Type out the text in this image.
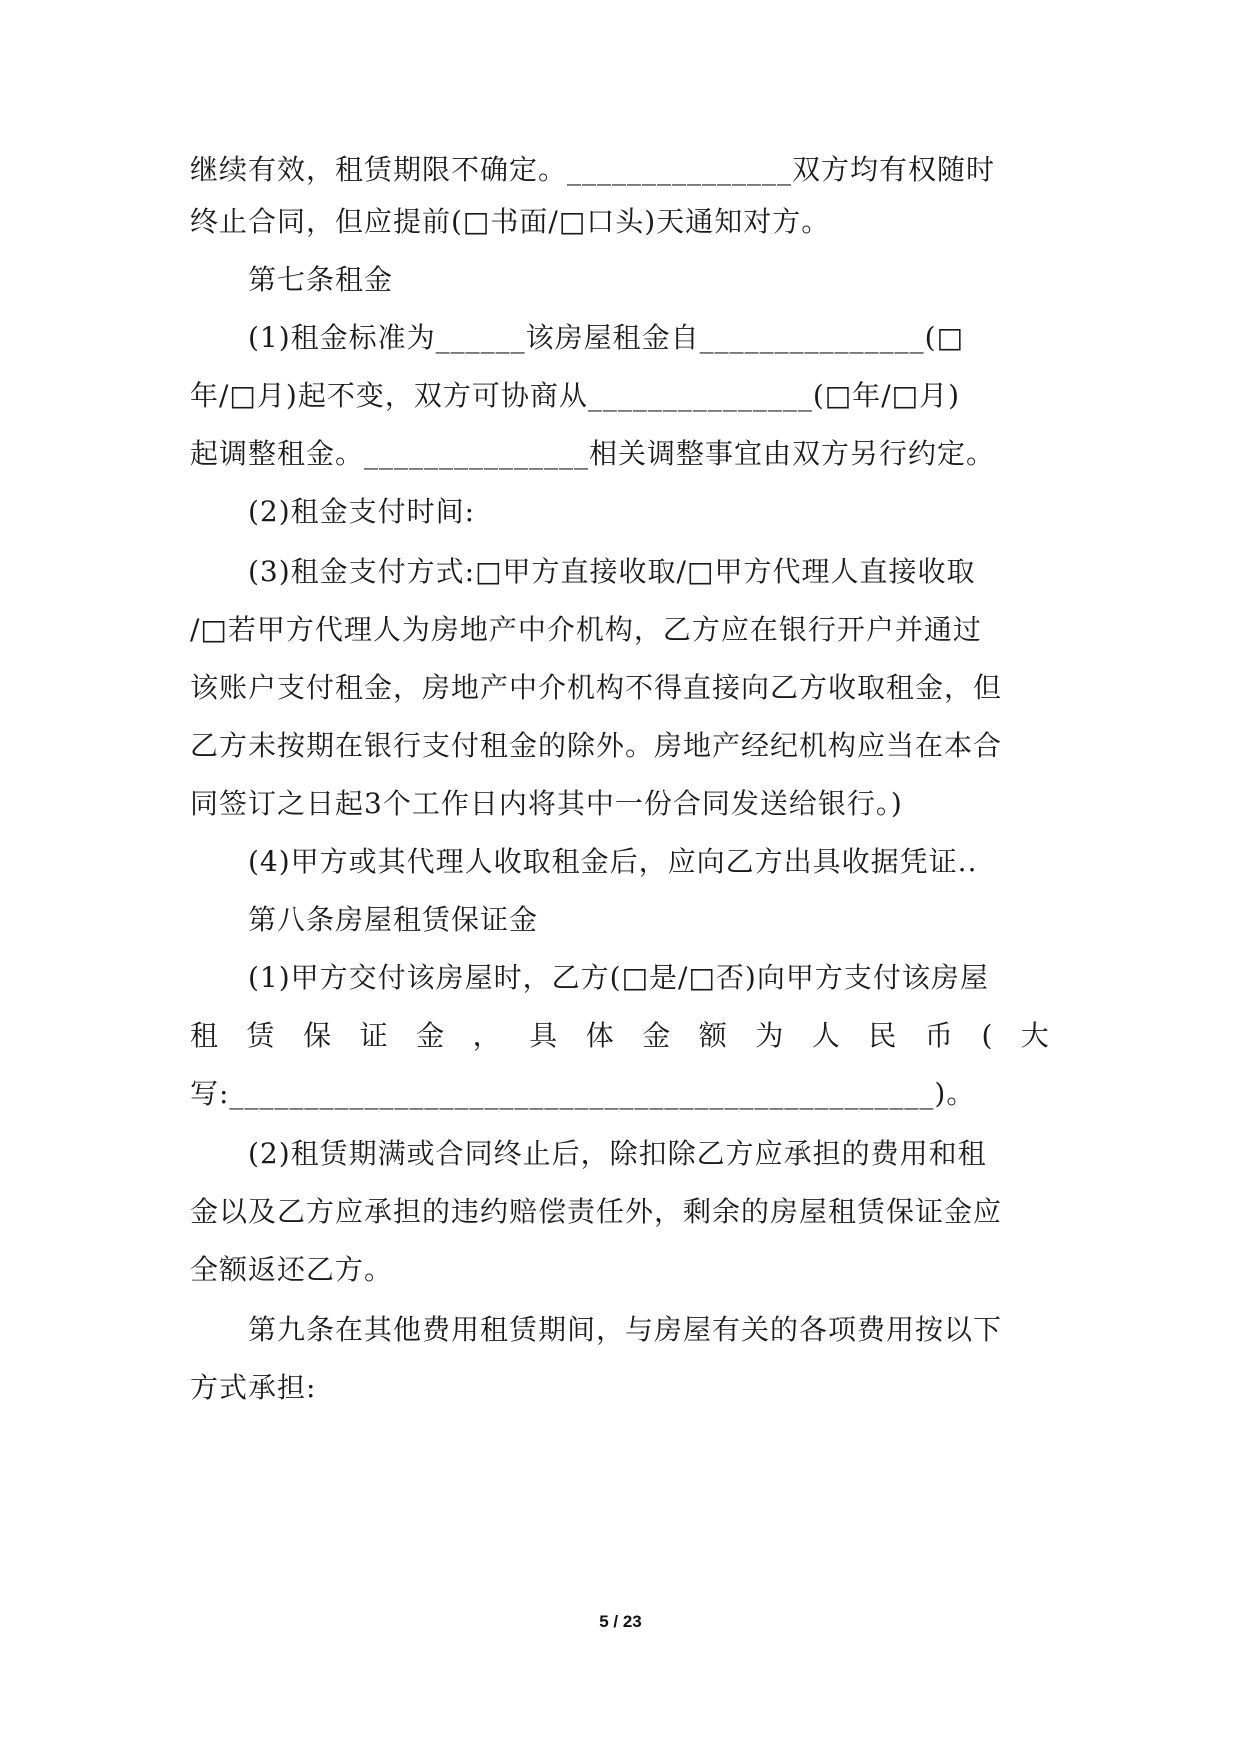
继续有效，租赁期限不确定。_______________双方均有权随时
终止合同，但应提前(□书面/□口头)天通知对方。
第七条租金
(1)租金标准为______该房屋租金自_______________(□
年/□月)起不变，双方可协商从_______________(□年/□月)
起调整租金。_______________相关调整事宜由双方另行约定。
(2)租金支付时间:
(3)租金支付方式:□甲方直接收取/□甲方代理人直接收取
/□若甲方代理人为房地产中介机构，乙方应在银行开户并通过
该账户支付租金，房地产中介机构不得直接向乙方收取租金，但
乙方未按期在银行支付租金的除外。房地产经纪机构应当在本合
同签订之日起3个工作日内将其中一份合同发送给银行。)
(4)甲方或其代理人收取租金后，应向乙方出具收据凭证..
第八条房屋租赁保证金
(1)甲方交付该房屋时，乙方(□是/□否)向甲方支付该房屋
租 赁 保 证 金 ， 具 体 金 额 为 人 民 币 ( 大
写:_______________________________________________)。
(2)租赁期满或合同终止后，除扣除乙方应承担的费用和租
金以及乙方应承担的违约赔偿责任外，剩余的房屋租赁保证金应
全额返还乙方。
第九条在其他费用租赁期间，与房屋有关的各项费用按以下
方式承担:
5 / 23
